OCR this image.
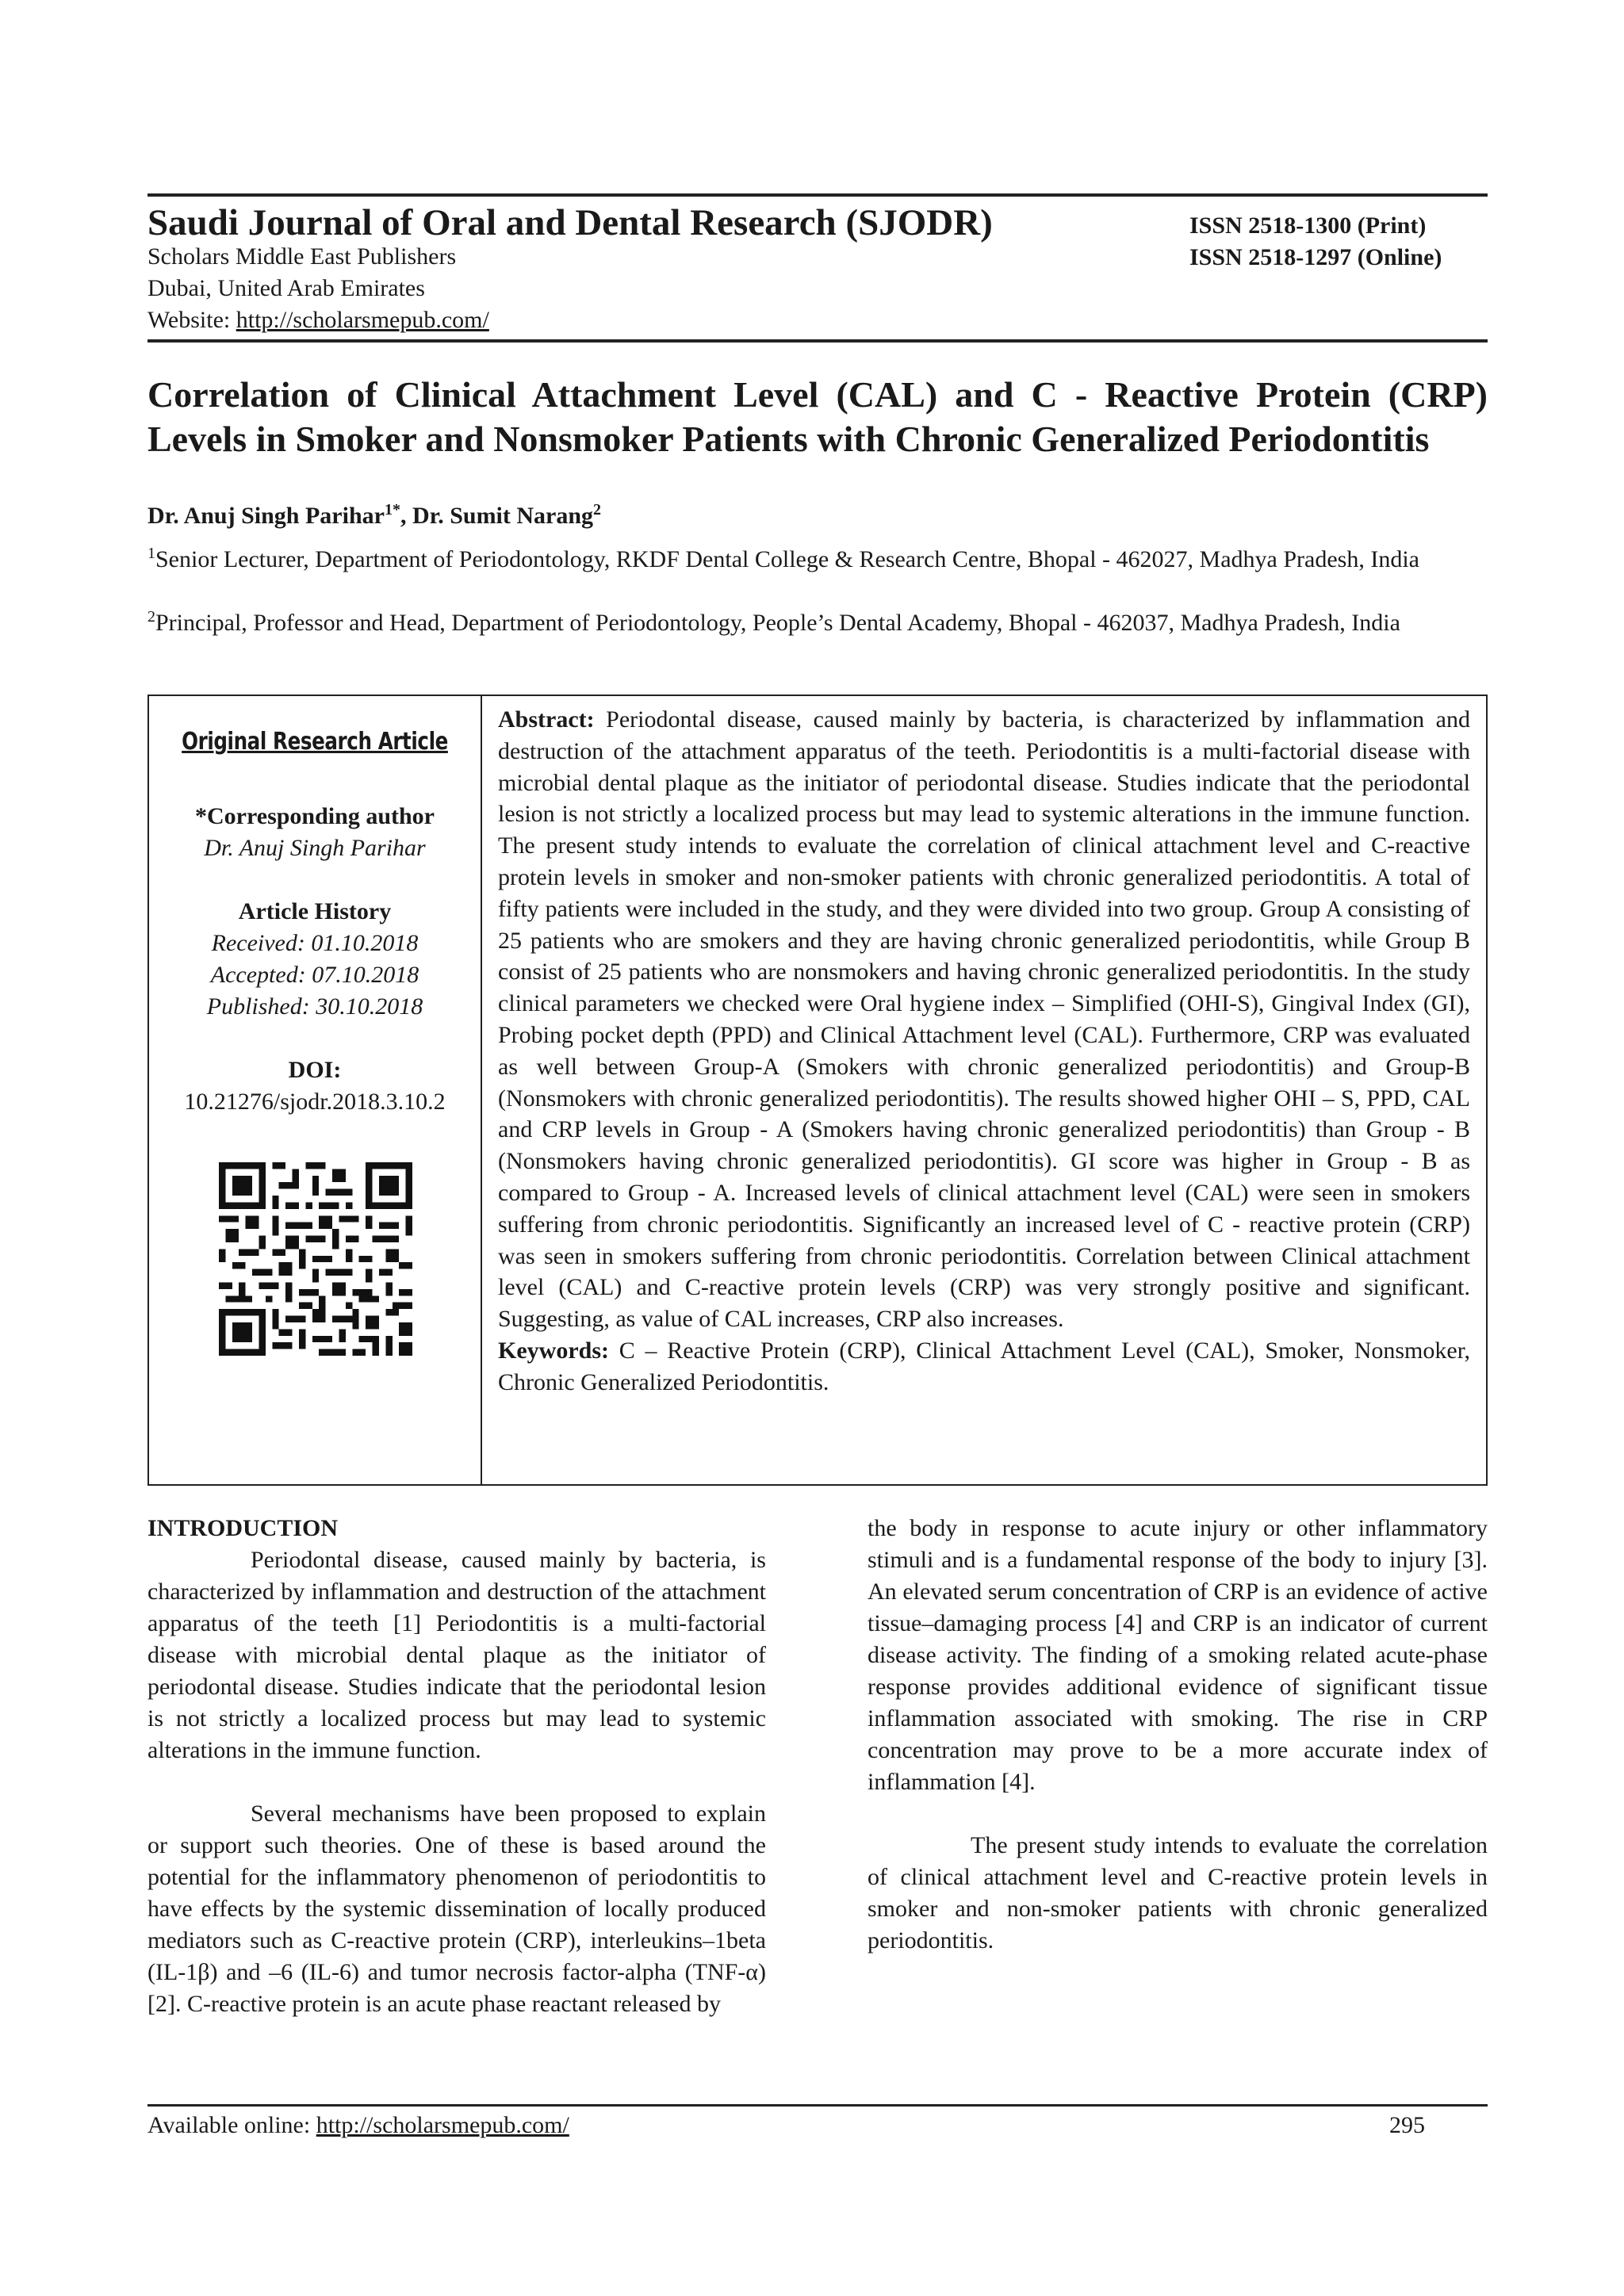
Saudi Journal of Oral and Dental Research (SJODR)	ISSN 2518-1300 (Print)
ISSN 2518-1297 (Online)
Scholars Middle East Publishers
Dubai, United Arab Emirates
Website: http://scholarsmepub.com/
Correlation of Clinical Attachment Level (CAL) and C - Reactive Protein (CRP) Levels in Smoker and Nonsmoker Patients with Chronic Generalized Periodontitis
Dr. Anuj Singh Parihar$^{1*}$, Dr. Sumit Narang$^2$
$^1$Senior Lecturer, Department of Periodontology, RKDF Dental College & Research Centre, Bhopal - 462027, Madhya Pradesh, India
$^2$Principal, Professor and Head, Department of Periodontology, People’s Dental Academy, Bhopal - 462037, Madhya Pradesh, India
Original Research Article
*Corresponding author
Dr. Anuj Singh Parihar
Article History
Received: 01.10.2018
Accepted: 07.10.2018
Published: 30.10.2018
DOI:
10.21276/sjodr.2018.3.10.2

Abstract: Periodontal disease, caused mainly by bacteria, is characterized by inflammation and destruction of the attachment apparatus of the teeth. Periodontitis is a multi-factorial disease with microbial dental plaque as the initiator of periodontal disease. Studies indicate that the periodontal lesion is not strictly a localized process but may lead to systemic alterations in the immune function. The present study intends to evaluate the correlation of clinical attachment level and C-reactive protein levels in smoker and non-smoker patients with chronic generalized periodontitis. A total of fifty patients were included in the study, and they were divided into two group. Group A consisting of 25 patients who are smokers and they are having chronic generalized periodontitis, while Group B consist of 25 patients who are nonsmokers and having chronic generalized periodontitis. In the study clinical parameters we checked were Oral hygiene index – Simplified (OHI-S), Gingival Index (GI), Probing pocket depth (PPD) and Clinical Attachment level (CAL). Furthermore, CRP was evaluated as well between Group-A (Smokers with chronic generalized periodontitis) and Group-B (Nonsmokers with chronic generalized periodontitis). The results showed higher OHI – S, PPD, CAL and CRP levels in Group - A (Smokers having chronic generalized periodontitis) than Group - B (Nonsmokers having chronic generalized periodontitis). GI score was higher in Group - B as compared to Group - A. Increased levels of clinical attachment level (CAL) were seen in smokers suffering from chronic periodontitis. Significantly an increased level of C - reactive protein (CRP) was seen in smokers suffering from chronic periodontitis. Correlation between Clinical attachment level (CAL) and C-reactive protein levels (CRP) was very strongly positive and significant. Suggesting, as value of CAL increases, CRP also increases.

Keywords: C – Reactive Protein (CRP), Clinical Attachment Level (CAL), Smoker, Nonsmoker, Chronic Generalized Periodontitis.

INTRODUCTION

Periodontal disease, caused mainly by bacteria, is characterized by inflammation and destruction of the attachment apparatus of the teeth [1] Periodontitis is a multi-factorial disease with microbial dental plaque as the initiator of periodontal disease. Studies indicate that the periodontal lesion is not strictly a localized process but may lead to systemic alterations in the immune function.

Several mechanisms have been proposed to explain or support such theories. One of these is based around the potential for the inflammatory phenomenon of periodontitis to have effects by the systemic dissemination of locally produced mediators such as C-reactive protein (CRP), interleukins–1beta (IL-1β) and –6 (IL-6) and tumor necrosis factor-alpha (TNF-α)[2]. C-reactive protein is an acute phase reactant released by

the body in response to acute injury or other inflammatory stimuli and is a fundamental response of the body to injury [3]. An elevated serum concentration of CRP is an evidence of active tissue–damaging process [4] and CRP is an indicator of current disease activity. The finding of a smoking related acute-phase response provides additional evidence of significant tissue inflammation associated with smoking. The rise in CRP concentration may prove to be a more accurate index of inflammation [4].

The present study intends to evaluate the correlation of clinical attachment level and C-reactive protein levels in smoker and non-smoker patients with chronic generalized periodontitis.

Available online: http://scholarsmepub.com/	295
